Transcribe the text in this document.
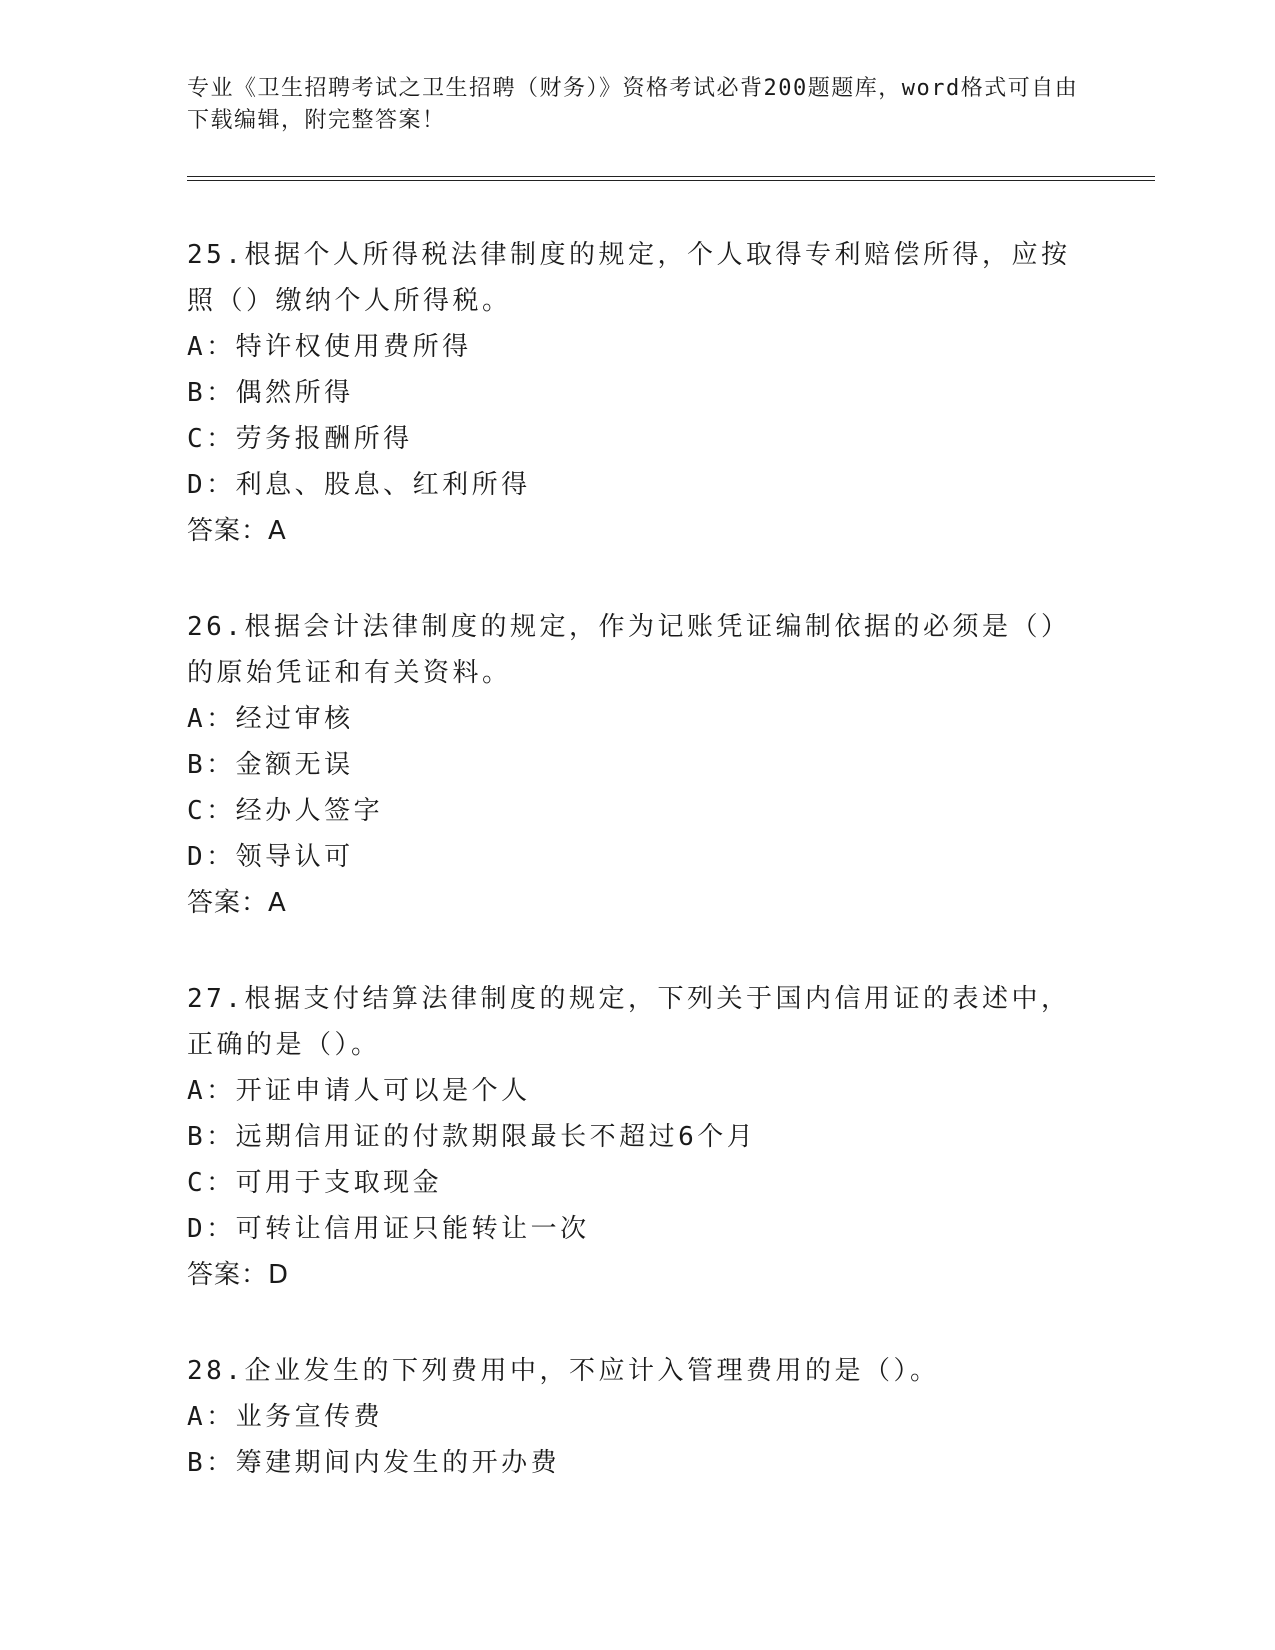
专业《卫生招聘考试之卫生招聘（财务）》资格考试必背200题题库，word格式可自由下载编辑，附完整答案！

25.根据个人所得税法律制度的规定，个人取得专利赔偿所得，应按照（）缴纳个人所得税。

A：特许权使用费所得

B：偶然所得

C：劳务报酬所得

D：利息、股息、红利所得

答案：A

26.根据会计法律制度的规定，作为记账凭证编制依据的必须是（）的原始凭证和有关资料。

A：经过审核

B：金额无误

C：经办人签字

D：领导认可

答案：A

27.根据支付结算法律制度的规定，下列关于国内信用证的表述中，正确的是（）。

A：开证申请人可以是个人

B：远期信用证的付款期限最长不超过6个月

C：可用于支取现金

D：可转让信用证只能转让一次

答案：D

28.企业发生的下列费用中，不应计入管理费用的是（）。

A：业务宣传费

B：筹建期间内发生的开办费
